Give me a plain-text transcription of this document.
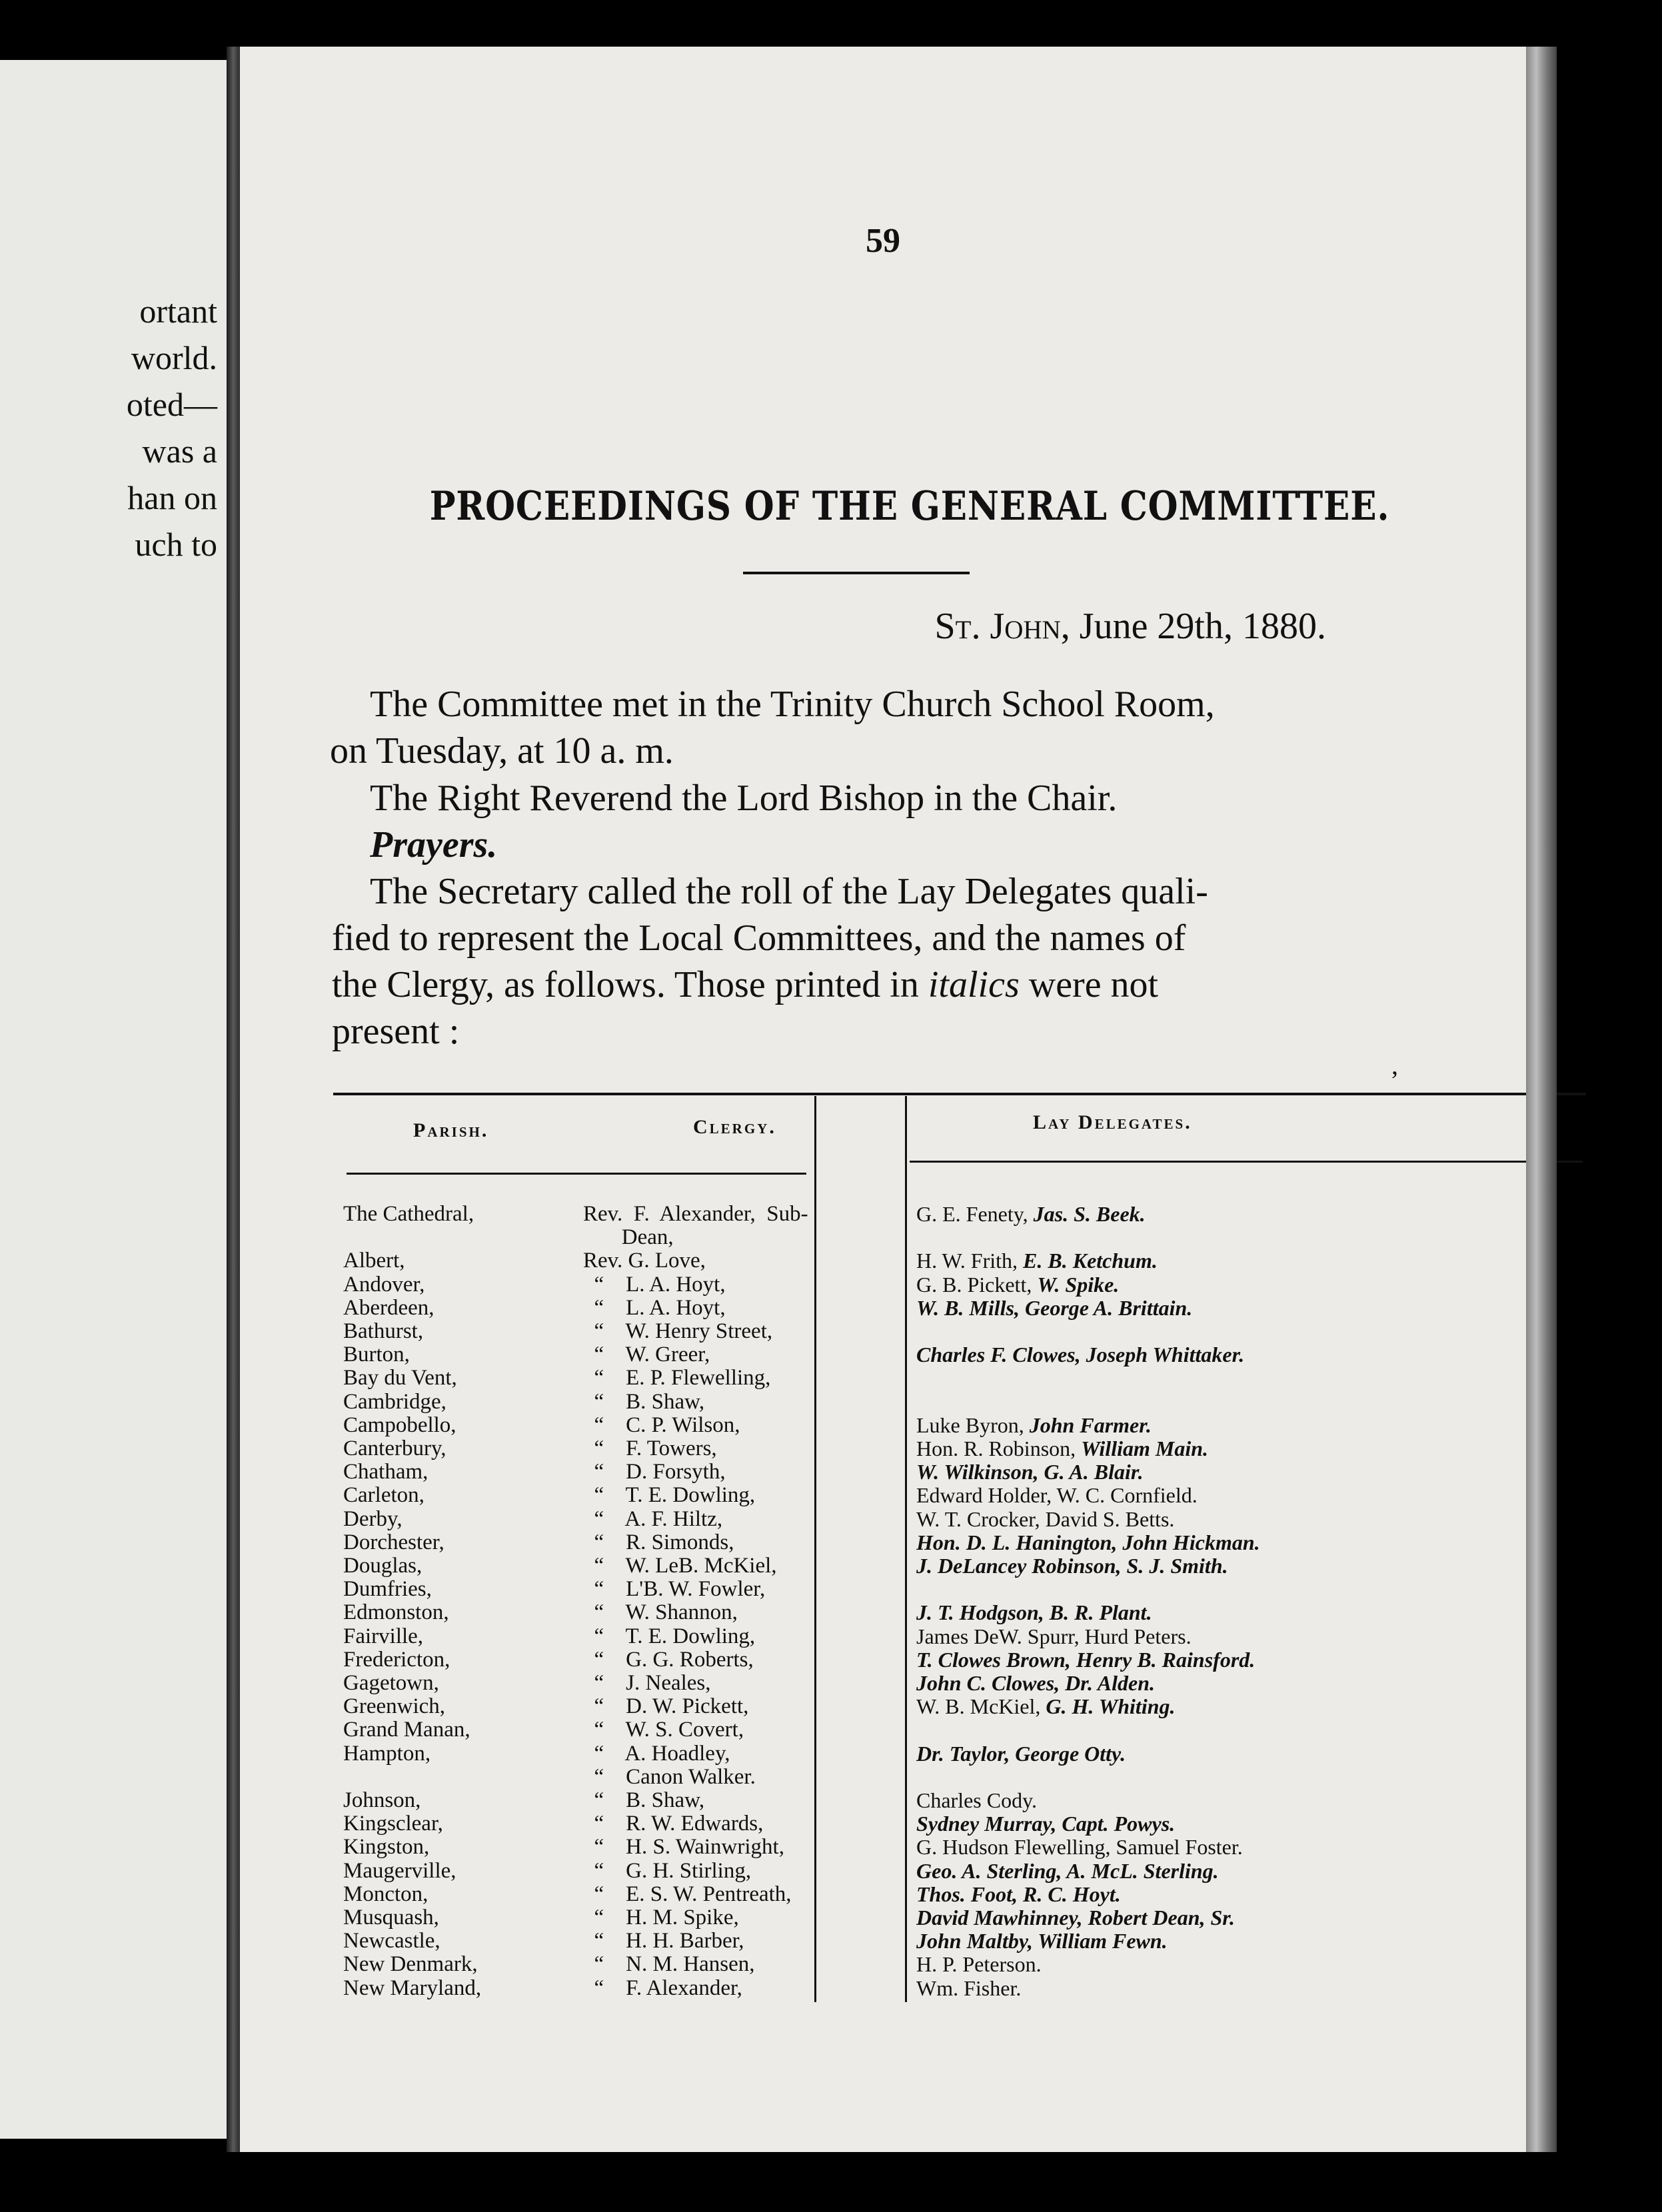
ortant
world.
oted—
was a
han on
uch to
59
PROCEEDINGS OF THE GENERAL COMMITTEE.
St. John, June 29th, 1880.
The Committee met in the Trinity Church School Room,
on Tuesday, at 10 a. m.
The Right Reverend the Lord Bishop in the Chair.
Prayers.
The Secretary called the roll of the Lay Delegates quali-
fied to represent the Local Committees, and the names of
the Clergy, as follows. Those printed in italics were not
present :
Parish.	Clergy.	Lay Delegates.
The Cathedral,	Rev.  F.  Alexander,  Sub-	G. E. Fenety, Jas. S. Beek.
Dean,
Albert,	Rev. G. Love,	H. W. Frith, E. B. Ketchum.
Andover,	“    L. A. Hoyt,	G. B. Pickett, W. Spike.
Aberdeen,	“    L. A. Hoyt,	W. B. Mills, George A. Brittain.
Bathurst,	“    W. Henry Street,
Burton,	“    W. Greer,	Charles F. Clowes, Joseph Whittaker.
Bay du Vent,	“    E. P. Flewelling,
Cambridge,	“    B. Shaw,
Campobello,	“    C. P. Wilson,	Luke Byron, John Farmer.
Canterbury,	“    F. Towers,	Hon. R. Robinson, William Main.
Chatham,	“    D. Forsyth,	W. Wilkinson, G. A. Blair.
Carleton,	“    T. E. Dowling,	Edward Holder, W. C. Cornfield.
Derby,	“    A. F. Hiltz,	W. T. Crocker, David S. Betts.
Dorchester,	“    R. Simonds,	Hon. D. L. Hanington, John Hickman.
Douglas,	“    W. LeB. McKiel,	J. DeLancey Robinson, S. J. Smith.
Dumfries,	“    L'B. W. Fowler,
Edmonston,	“    W. Shannon,	J. T. Hodgson, B. R. Plant.
Fairville,	“    T. E. Dowling,	James DeW. Spurr, Hurd Peters.
Fredericton,	“    G. G. Roberts,	T. Clowes Brown, Henry B. Rainsford.
Gagetown,	“    J. Neales,	John C. Clowes, Dr. Alden.
Greenwich,	“    D. W. Pickett,	W. B. McKiel, G. H. Whiting.
Grand Manan,	“    W. S. Covert,
Hampton,	“    A. Hoadley,	Dr. Taylor, George Otty.
“    Canon Walker.
Johnson,	“    B. Shaw,	Charles Cody.
Kingsclear,	“    R. W. Edwards,	Sydney Murray, Capt. Powys.
Kingston,	“    H. S. Wainwright,	G. Hudson Flewelling, Samuel Foster.
Maugerville,	“    G. H. Stirling,	Geo. A. Sterling, A. McL. Sterling.
Moncton,	“    E. S. W. Pentreath,	Thos. Foot, R. C. Hoyt.
Musquash,	“    H. M. Spike,	David Mawhinney, Robert Dean, Sr.
Newcastle,	“    H. H. Barber,	John Maltby, William Fewn.
New Denmark,	“    N. M. Hansen,	H. P. Peterson.
New Maryland,	“    F. Alexander,	Wm. Fisher.
,
